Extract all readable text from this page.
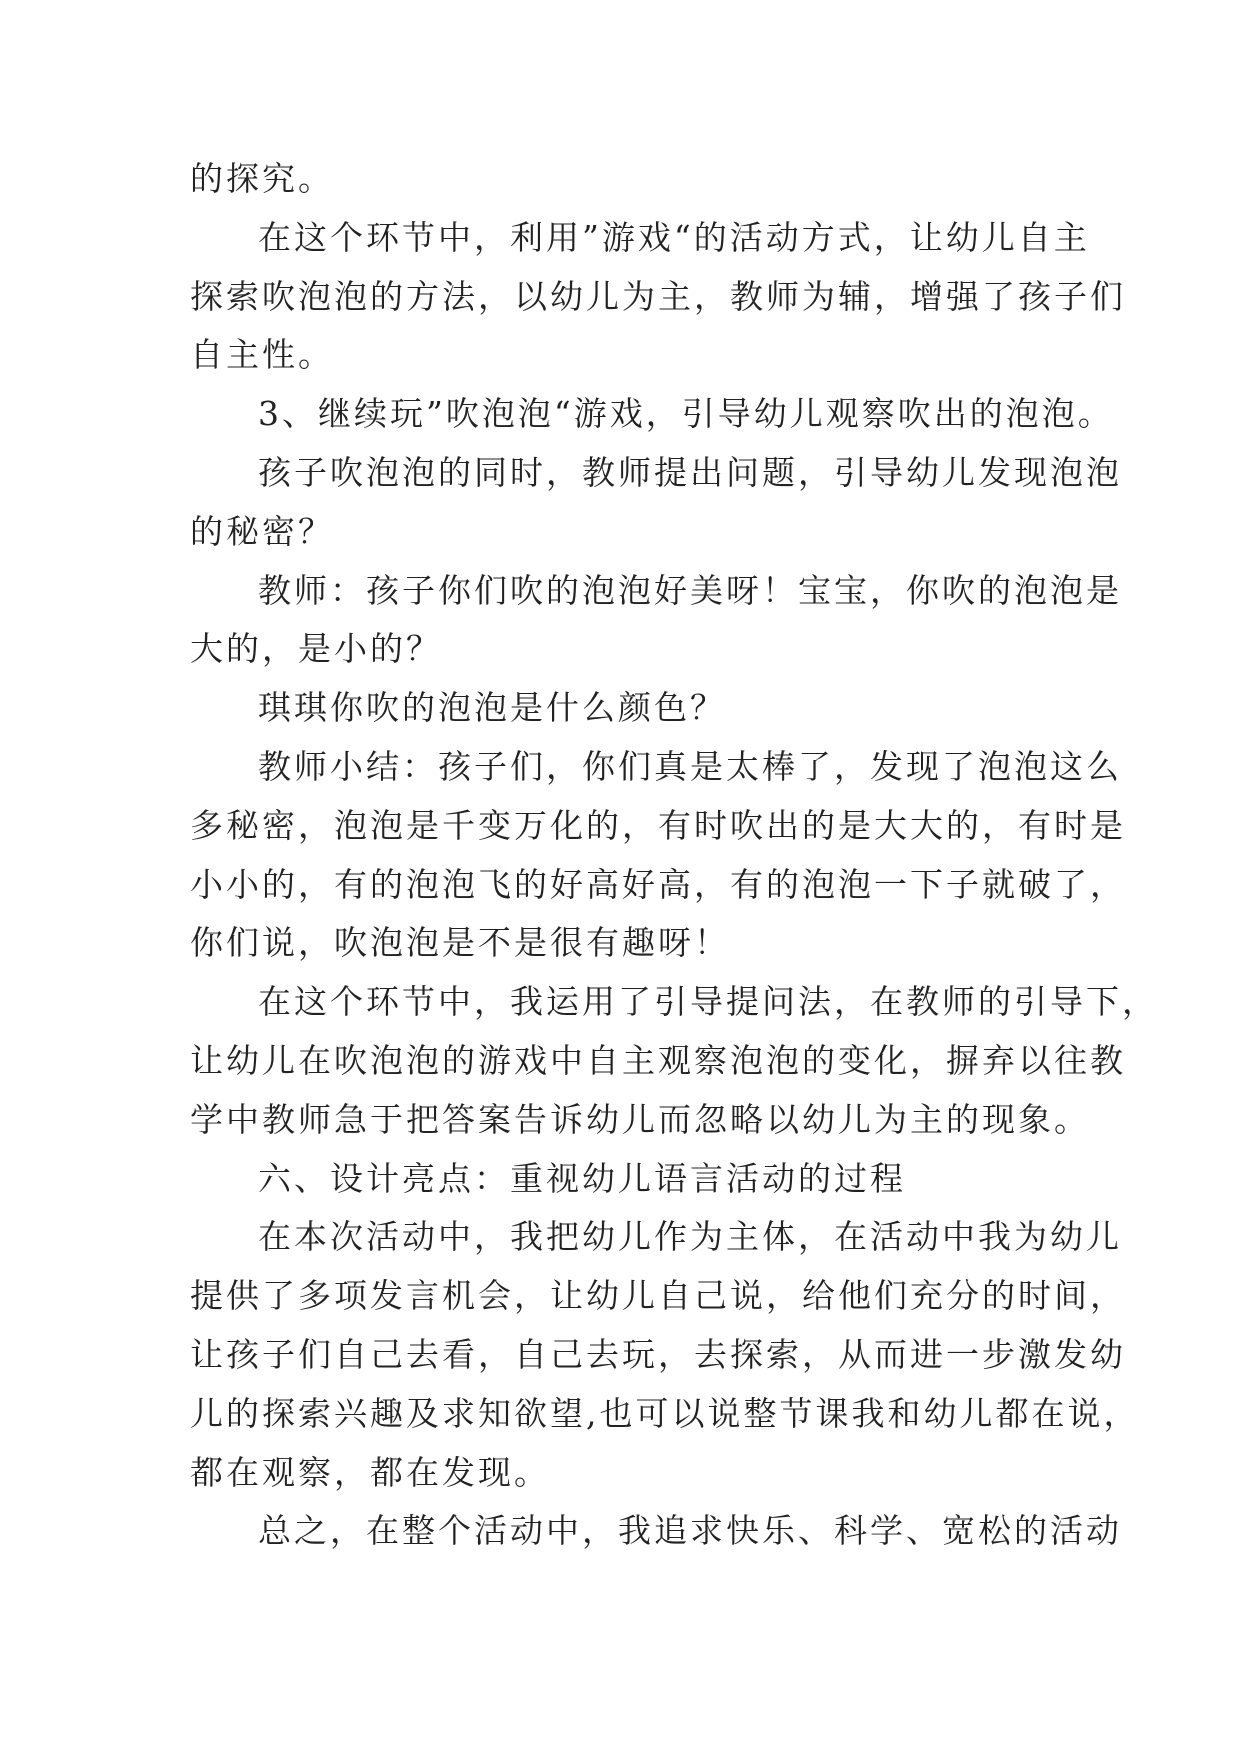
的探究。

在这个环节中，利用”游戏“的活动方式，让幼儿自主

探索吹泡泡的方法，以幼儿为主，教师为辅，增强了孩子们

自主性。

3、继续玩”吹泡泡“游戏，引导幼儿观察吹出的泡泡。

孩子吹泡泡的同时，教师提出问题，引导幼儿发现泡泡

的秘密？

教师：孩子你们吹的泡泡好美呀！宝宝，你吹的泡泡是

大的，是小的？

琪琪你吹的泡泡是什么颜色？

教师小结：孩子们，你们真是太棒了，发现了泡泡这么

多秘密，泡泡是千变万化的，有时吹出的是大大的，有时是

小小的，有的泡泡飞的好高好高，有的泡泡一下子就破了，

你们说，吹泡泡是不是很有趣呀！

在这个环节中，我运用了引导提问法，在教师的引导下，

让幼儿在吹泡泡的游戏中自主观察泡泡的变化，摒弃以往教

学中教师急于把答案告诉幼儿而忽略以幼儿为主的现象。

六、设计亮点：重视幼儿语言活动的过程

在本次活动中，我把幼儿作为主体，在活动中我为幼儿

提供了多项发言机会，让幼儿自己说，给他们充分的时间，

让孩子们自己去看，自己去玩，去探索，从而进一步激发幼

儿的探索兴趣及求知欲望,也可以说整节课我和幼儿都在说，

都在观察，都在发现。

总之，在整个活动中，我追求快乐、科学、宽松的活动
